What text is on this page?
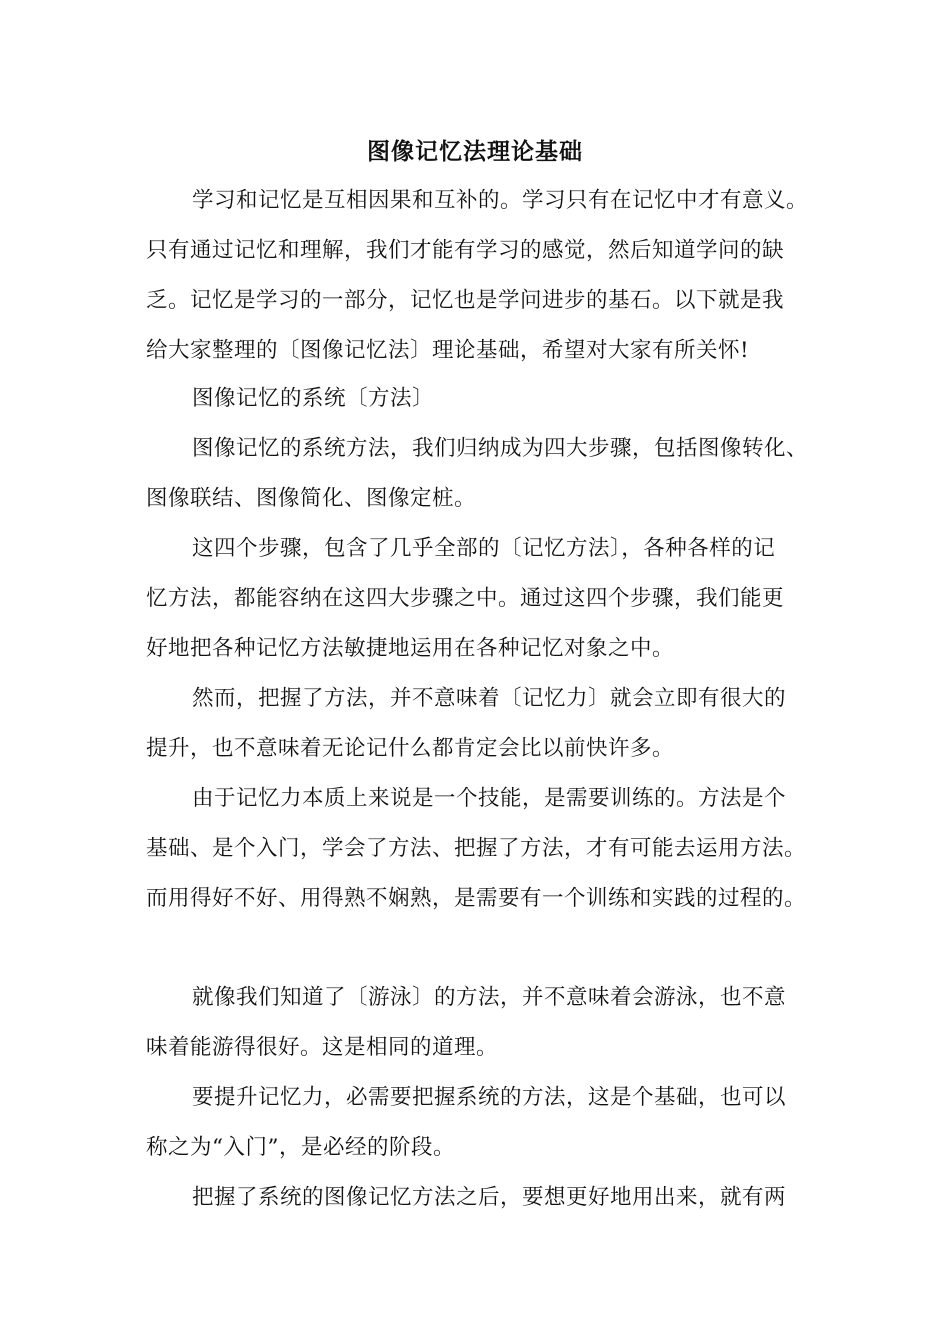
图像记忆法理论基础
学习和记忆是互相因果和互补的。学习只有在记忆中才有意义。
只有通过记忆和理解，我们才能有学习的感觉，然后知道学问的缺
乏。记忆是学习的一部分，记忆也是学问进步的基石。以下就是我
给大家整理的〔图像记忆法〕理论基础，希望对大家有所关怀!
图像记忆的系统〔方法〕
图像记忆的系统方法，我们归纳成为四大步骤，包括图像转化、
图像联结、图像简化、图像定桩。
这四个步骤，包含了几乎全部的〔记忆方法〕，各种各样的记
忆方法，都能容纳在这四大步骤之中。通过这四个步骤，我们能更
好地把各种记忆方法敏捷地运用在各种记忆对象之中。
然而，把握了方法，并不意味着〔记忆力〕就会立即有很大的
提升，也不意味着无论记什么都肯定会比以前快许多。
由于记忆力本质上来说是一个技能，是需要训练的。方法是个
基础、是个入门，学会了方法、把握了方法，才有可能去运用方法。
而用得好不好、用得熟不娴熟，是需要有一个训练和实践的过程的。
就像我们知道了〔游泳〕的方法，并不意味着会游泳，也不意
味着能游得很好。这是相同的道理。
要提升记忆力，必需要把握系统的方法，这是个基础，也可以
称之为“入门”，是必经的阶段。
把握了系统的图像记忆方法之后，要想更好地用出来，就有两
